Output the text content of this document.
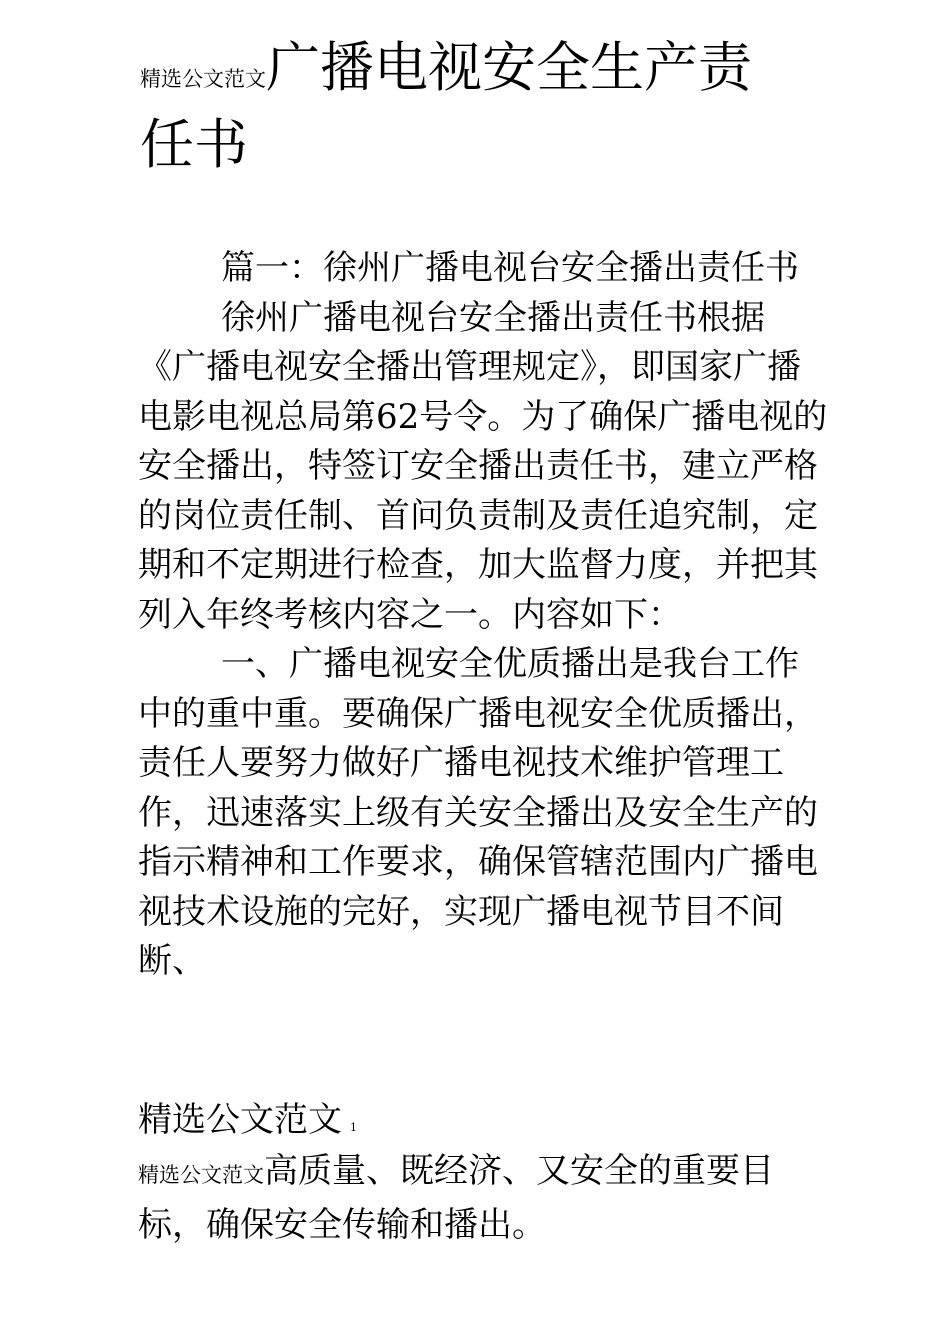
精选公文范文广播电视安全生产责
任书

篇一：徐州广播电视台安全播出责任书

徐州广播电视台安全播出责任书根据《广播电视安全播出管理规定》，即国家广播电影电视总局第62号令。为了确保广播电视的安全播出，特签订安全播出责任书，建立严格的岗位责任制、首问负责制及责任追究制，定期和不定期进行检查，加大监督力度，并把其列入年终考核内容之一。内容如下：

一、广播电视安全优质播出是我台工作中的重中重。要确保广播电视安全优质播出，责任人要努力做好广播电视技术维护管理工作，迅速落实上级有关安全播出及安全生产的指示精神和工作要求，确保管辖范围内广播电视技术设施的完好，实现广播电视节目不间断、

精选公文范文 1
精选公文范文高质量、既经济、又安全的重要目标，确保安全传输和播出。
